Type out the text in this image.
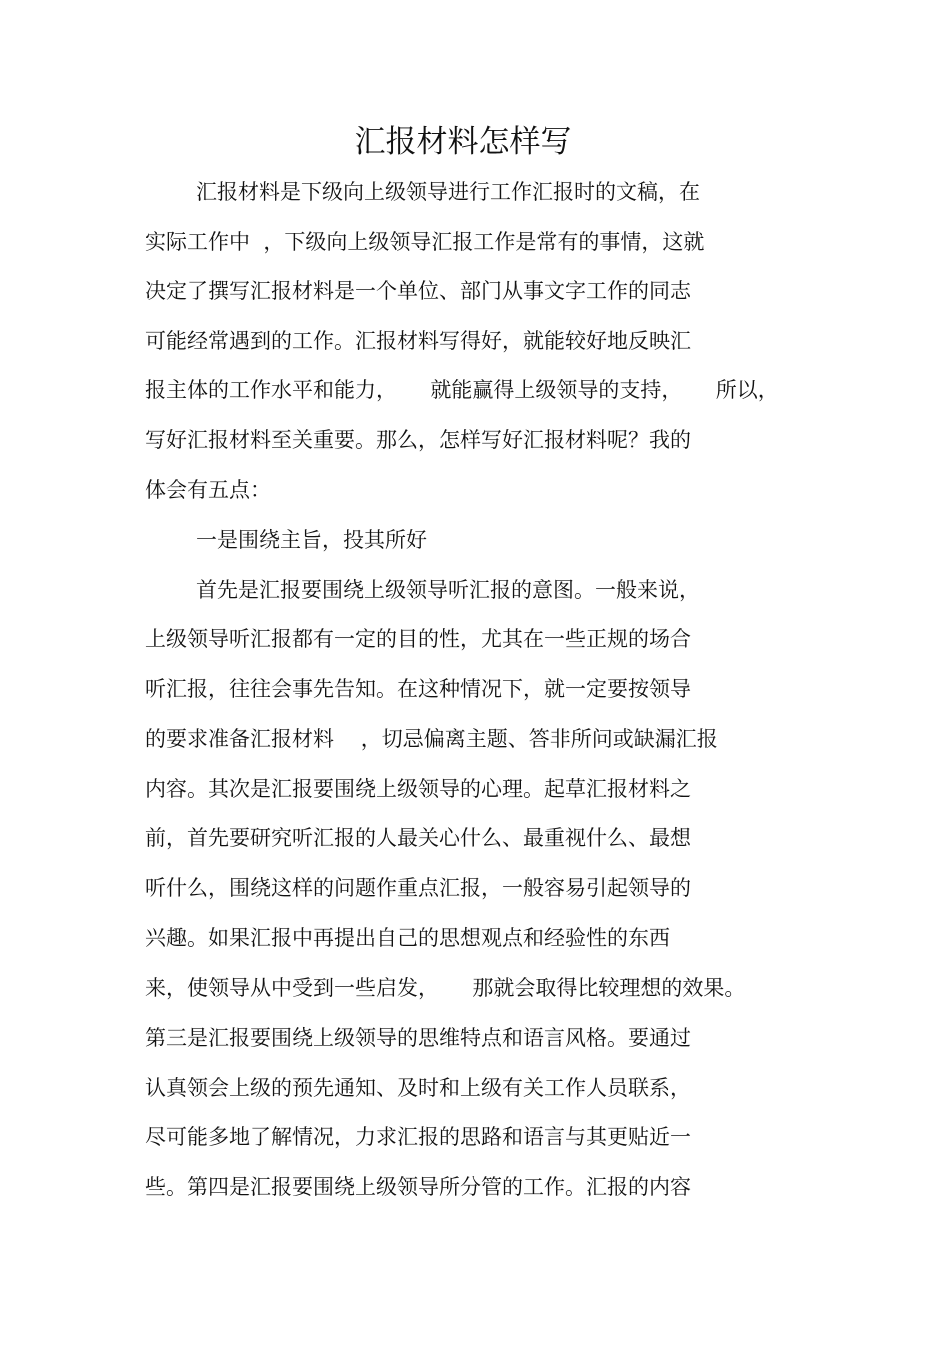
汇报材料怎样写
汇报材料是下级向上级领导进行工作汇报时的文稿，在
实际工作中  ，下级向上级领导汇报工作是常有的事情，这就
决定了撰写汇报材料是一个单位、部门从事文字工作的同志
可能经常遇到的工作。汇报材料写得好，就能较好地反映汇
报主体的工作水平和能力，     就能赢得上级领导的支持，     所以，
写好汇报材料至关重要。那么，怎样写好汇报材料呢？我的
体会有五点：
一是围绕主旨，投其所好
首先是汇报要围绕上级领导听汇报的意图。一般来说，
上级领导听汇报都有一定的目的性，尤其在一些正规的场合
听汇报，往往会事先告知。在这种情况下，就一定要按领导
的要求准备汇报材料    ，切忌偏离主题、答非所问或缺漏汇报
内容。其次是汇报要围绕上级领导的心理。起草汇报材料之
前，首先要研究听汇报的人最关心什么、最重视什么、最想
听什么，围绕这样的问题作重点汇报，一般容易引起领导的
兴趣。如果汇报中再提出自己的思想观点和经验性的东西
来，使领导从中受到一些启发，     那就会取得比较理想的效果。
第三是汇报要围绕上级领导的思维特点和语言风格。要通过
认真领会上级的预先通知、及时和上级有关工作人员联系，
尽可能多地了解情况，力求汇报的思路和语言与其更贴近一
些。第四是汇报要围绕上级领导所分管的工作。汇报的内容
